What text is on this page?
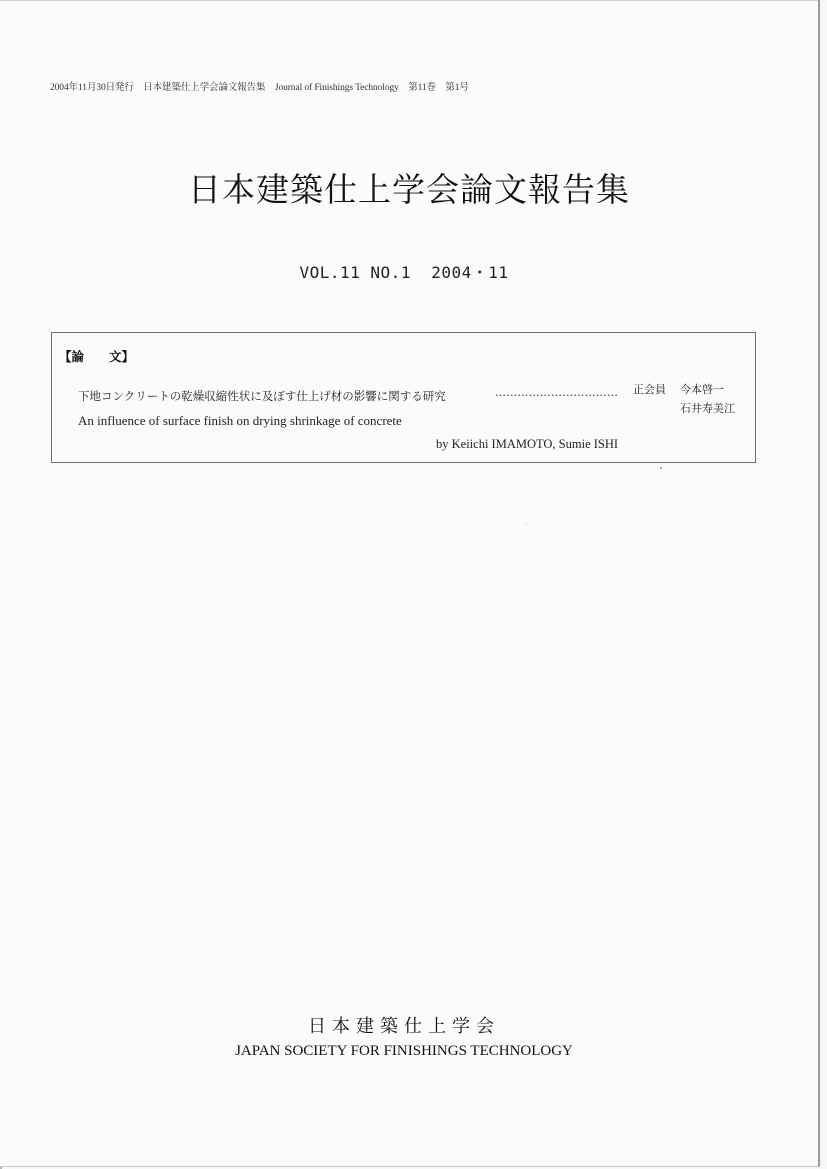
2004年11月30日発行　日本建築仕上学会論文報告集　Journal of Finishings Technology　第11巻　第1号
日本建築仕上学会論文報告集
VOL.11 NO.1  2004・11
【論　　文】
下地コンクリートの乾燥収縮性状に及ぼす仕上げ材の影響に関する研究	…………………………… 正会員 今本啓一
石井寿美江
An influence of surface finish on drying shrinkage of concrete
by Keiichi IMAMOTO, Sumie ISHI
日本建築仕上学会
JAPAN SOCIETY FOR FINISHINGS TECHNOLOGY
